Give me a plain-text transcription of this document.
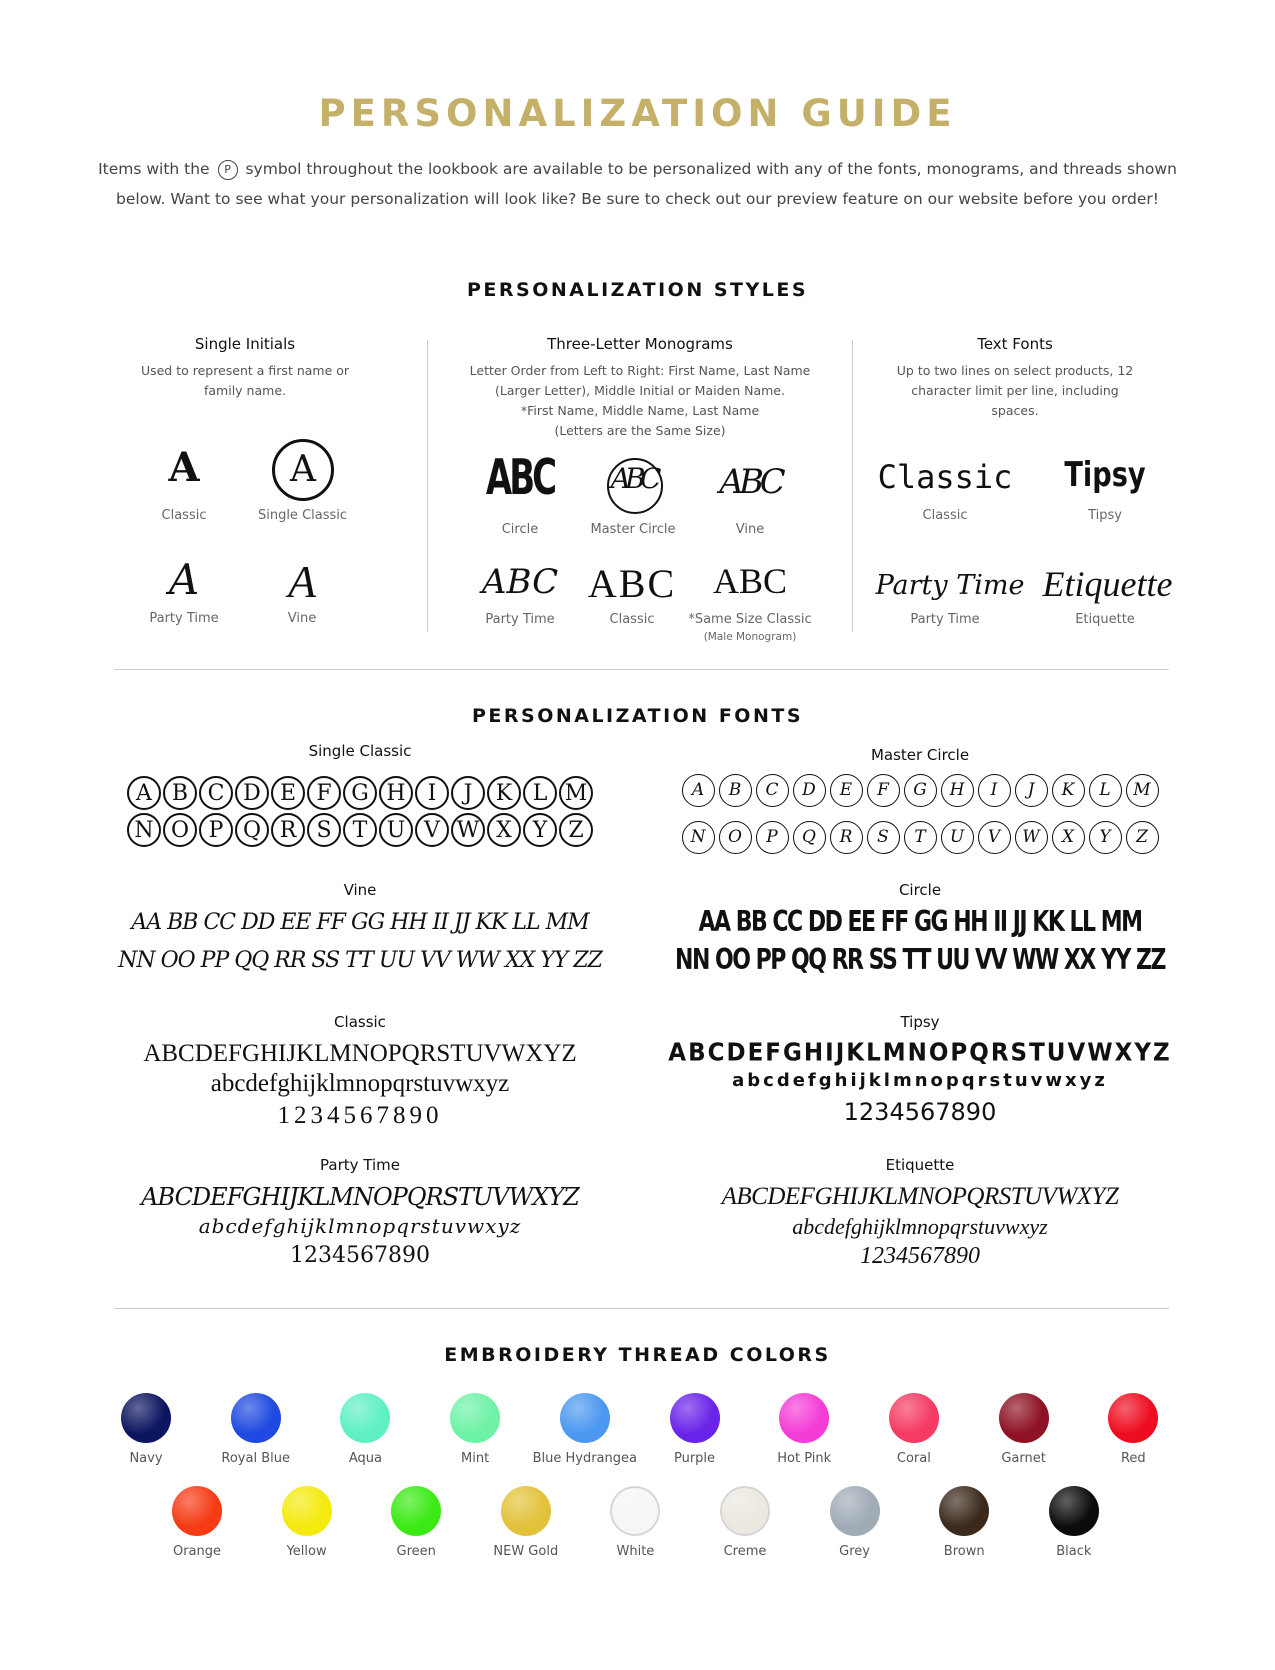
PERSONALIZATION GUIDE
Items with the P symbol throughout the lookbook are available to be personalized with any of the fonts, monograms, and threads shown below. Want to see what your personalization will look like? Be sure to check out our preview feature on our website before you order!
PERSONALIZATION STYLES
Single Initials
Used to represent a first name or family name.
A
Classic
A
Single Classic
A
Party Time
A
Vine
Three-Letter Monograms
Letter Order from Left to Right: First Name, Last Name (Larger Letter), Middle Initial or Maiden Name.
*First Name, Middle Name, Last Name
(Letters are the Same Size)
ABC
Circle
ABC
Master Circle
ABC
Vine
ABC
Party Time
ABC
Classic
ABC
*Same Size Classic
(Male Monogram)
Text Fonts
Up to two lines on select products, 12 character limit per line, including spaces.
Classic
Classic
Tipsy
Tipsy
Party Time
Party Time
Etiquette
Etiquette
PERSONALIZATION FONTS
Single Classic
A B C D E F G H I J K L M
N O P Q R S T U V W X Y Z
Master Circle
A B C D E F G H I J K L M
N O P Q R S T U V W X Y Z
Vine
AA BB CC DD EE FF GG HH II JJ KK LL MM
NN OO PP QQ RR SS TT UU VV WW XX YY ZZ
Circle
AA BB CC DD EE FF GG HH II JJ KK LL MM
NN OO PP QQ RR SS TT UU VV WW XX YY ZZ
Classic
ABCDEFGHIJKLMNOPQRSTUVWXYZ
abcdefghijklmnopqrstuvwxyz
1234567890
Tipsy
ABCDEFGHIJKLMNOPQRSTUVWXYZ
abcdefghijklmnopqrstuvwxyz
1234567890
Party Time
ABCDEFGHIJKLMNOPQRSTUVWXYZ
abcdefghijklmnopqrstuvwxyz
1234567890
Etiquette
ABCDEFGHIJKLMNOPQRSTUVWXYZ
abcdefghijklmnopqrstuvwxyz
1234567890
EMBROIDERY THREAD COLORS
Navy	Royal Blue	Aqua	Mint	Blue Hydrangea	Purple	Hot Pink	Coral	Garnet	Red
Orange	Yellow	Green	NEW Gold	White	Creme	Grey	Brown	Black
